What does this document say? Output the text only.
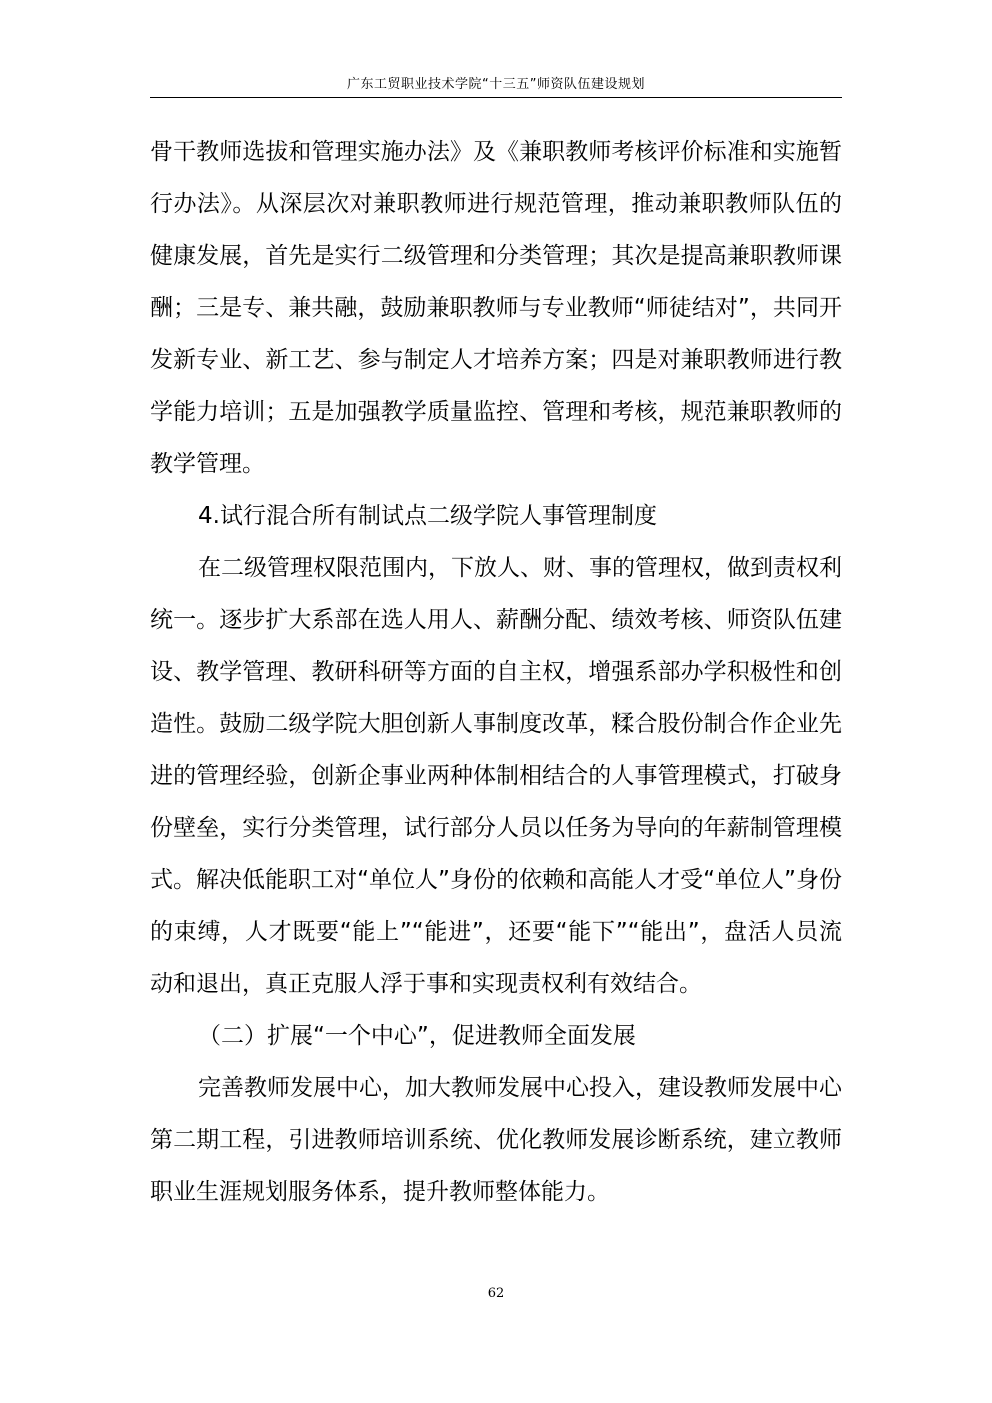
广东工贸职业技术学院“十三五”师资队伍建设规划

骨干教师选拔和管理实施办法》及《兼职教师考核评价标准和实施暂行办法》。从深层次对兼职教师进行规范管理，推动兼职教师队伍的健康发展，首先是实行二级管理和分类管理；其次是提高兼职教师课酬；三是专、兼共融，鼓励兼职教师与专业教师“师徒结对”，共同开发新专业、新工艺、参与制定人才培养方案；四是对兼职教师进行教学能力培训；五是加强教学质量监控、管理和考核，规范兼职教师的教学管理。

4.试行混合所有制试点二级学院人事管理制度

在二级管理权限范围内，下放人、财、事的管理权，做到责权利统一。逐步扩大系部在选人用人、薪酬分配、绩效考核、师资队伍建设、教学管理、教研科研等方面的自主权，增强系部办学积极性和创造性。鼓励二级学院大胆创新人事制度改革，糅合股份制合作企业先进的管理经验，创新企事业两种体制相结合的人事管理模式，打破身份壁垒，实行分类管理，试行部分人员以任务为导向的年薪制管理模式。解决低能职工对“单位人”身份的依赖和高能人才受“单位人”身份的束缚，人才既要“能上”“能进”，还要“能下”“能出”，盘活人员流动和退出，真正克服人浮于事和实现责权利有效结合。

（二）扩展“一个中心”，促进教师全面发展

完善教师发展中心，加大教师发展中心投入，建设教师发展中心第二期工程，引进教师培训系统、优化教师发展诊断系统，建立教师职业生涯规划服务体系，提升教师整体能力。

62
